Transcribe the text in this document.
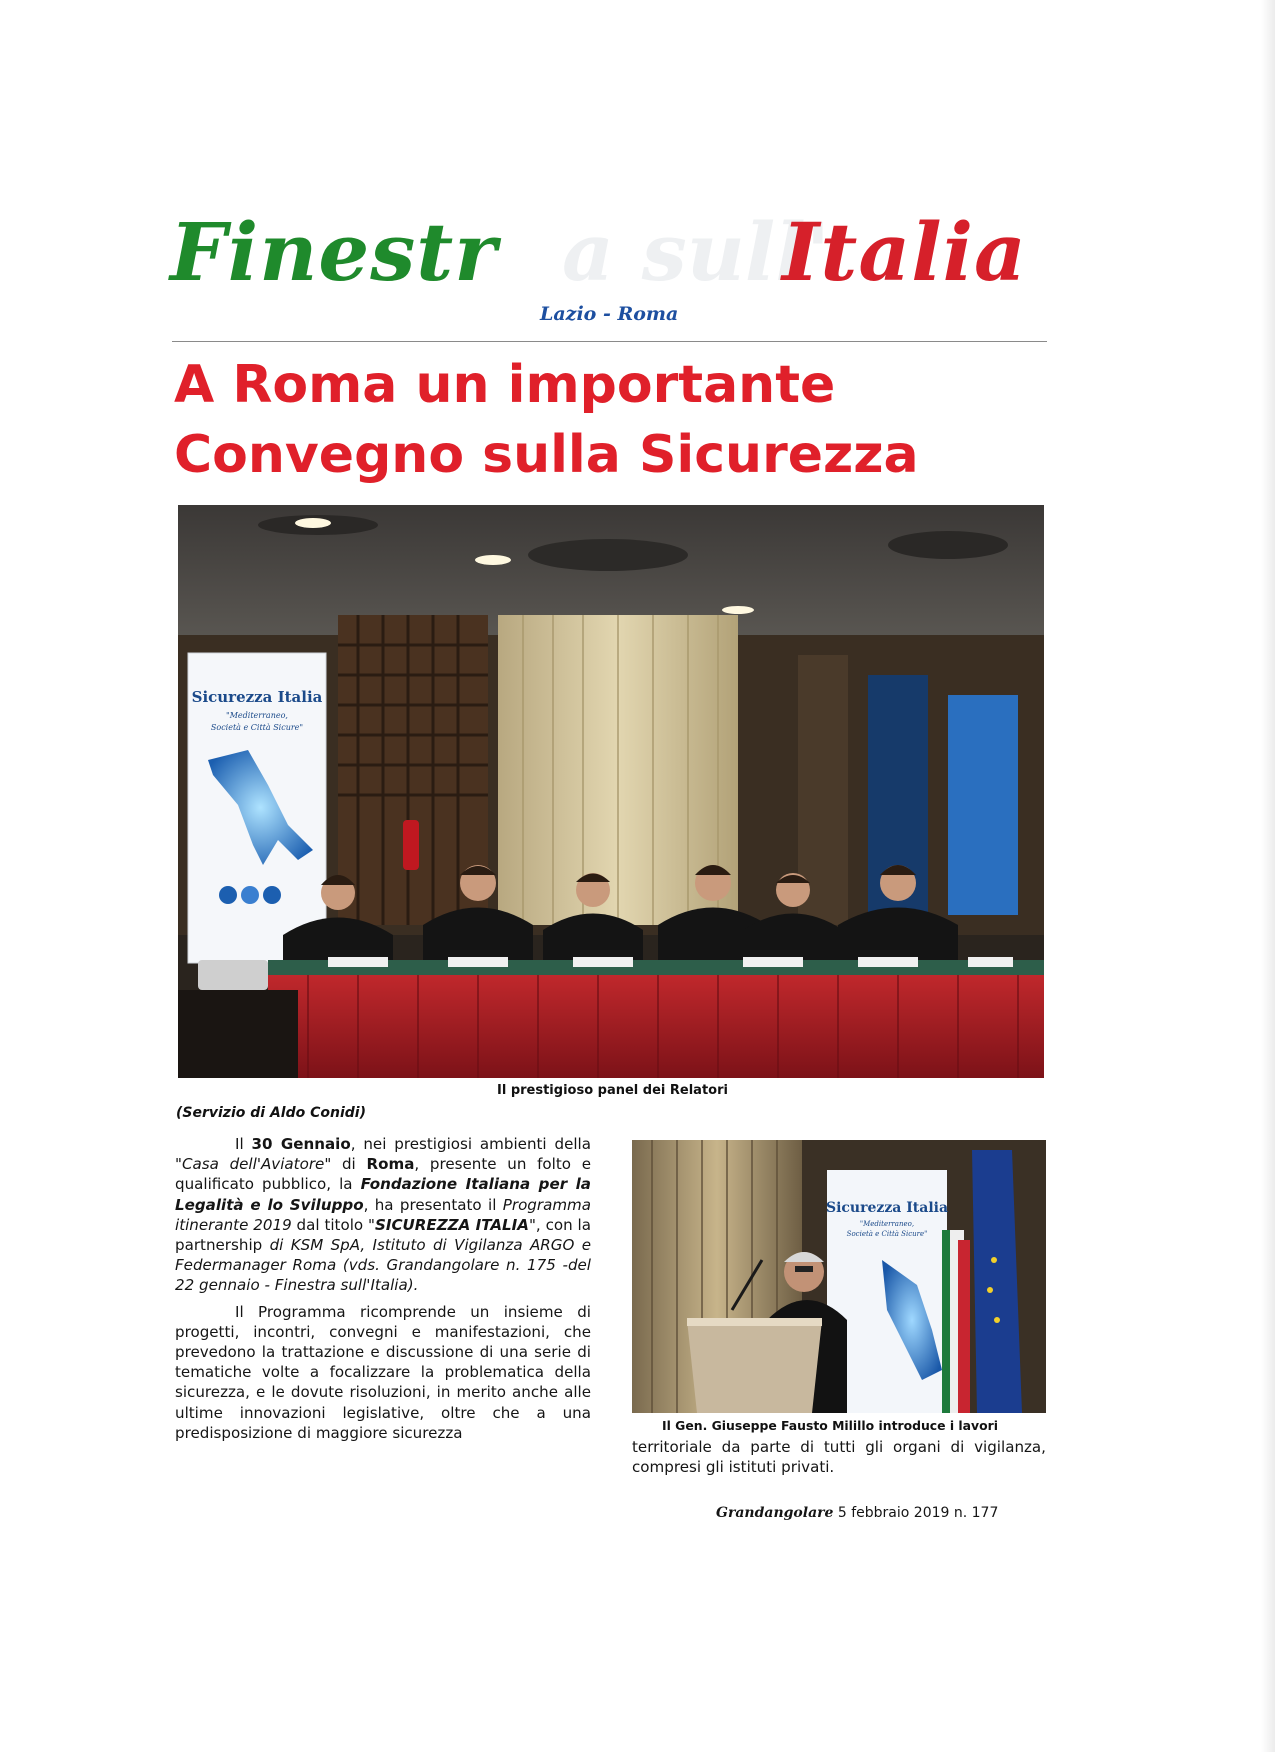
Finestr a sull'
Italia
Lazio - Roma
A Roma un importante
Convegno sulla Sicurezza
Sicurezza Italia
"Mediterraneo,
Società e Città Sicure"
Il prestigioso panel dei Relatori
(Servizio di Aldo Conidi)

Il 30 Gennaio, nei prestigiosi ambienti della "Casa dell'Aviatore" di Roma, presente un folto e qualificato pubblico, la Fondazione Italiana per la Legalità e lo Sviluppo, ha presentato il Programma itinerante 2019 dal titolo "SICUREZZA ITALIA", con la partnership di KSM SpA, Istituto di Vigilanza ARGO e Federmanager Roma (vds. Grandangolare n. 175 -del 22 gennaio - Finestra sull'Italia).

Il Programma ricomprende un insieme di progetti, incontri, convegni e manifestazioni, che prevedono la trattazione e discussione di una serie di tematiche volte a focalizzare la problematica della sicurezza, e le dovute risoluzioni, in merito anche alle ultime innovazioni legislative, oltre che a una predisposizione di maggiore sicurezza

Sicurezza Italia
"Mediterraneo,
Società e Città Sicure"
Il Gen. Giuseppe Fausto Milillo introduce i lavori
territoriale da parte di tutti gli organi di vigilanza, compresi gli istituti privati.
Grandangolare 5 febbraio 2019 n. 177
